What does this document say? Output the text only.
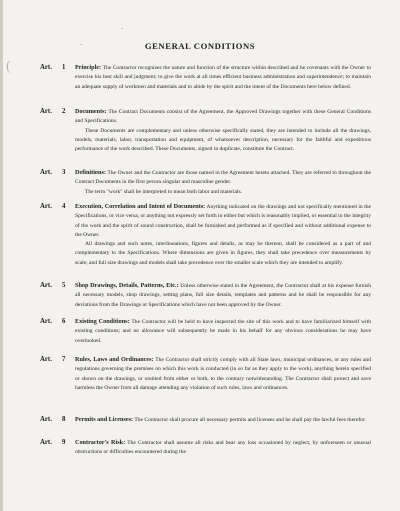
(
·
·	GENERAL CONDITIONS
Art.	1 Principle: The Contractor recognizes the nature and function of the structure within described and he covenants with the Owner to exercise his best skill and judgment; to give the work at all times efficient business administration and superintendence; to maintain an adequate supply of workmen and materials and to abide by the spirit and the intent of the Documents here below defined.

Art.	2 Documents: The Contract Documents consist of the Agreement, the Approved Drawings together with these General Conditions and Specifications.

These Documents are complementary and unless otherwise specifically stated, they are intended to include all the drawings, models, materials, labor, transportation and equipment, of whatsoever description, necessary for the faithful and expeditious performance of the work described. These Documents, signed in duplicate, constitute the Contract.

Art.	3 Definitions: The Owner and the Contractor are those named in the Agreement hereto attached. They are referred to throughout the Contract Documents in the first person singular and masculine gender.

The term "work" shall be interpreted to mean both labor and materials.

Art.	4 Execution, Correlation and Intent of Documents: Anything indicated on the drawings and not specifically mentioned in the Specifications, or vice versa, or anything not expressly set forth in either but which is reasonably implied, or essential to the integrity of the work and the spirit of sound construction, shall be furnished and performed as if specified and without additional expense to the Owner.

All drawings and such notes, interlineations, figures and details, as may be thereon, shall be considered as a part of and complementary to the Specifications. Where dimensions are given in figures, they shall take precedence over measurements by scale; and full size drawings and models shall take precedence over the smaller scale which they are intended to amplify.

Art.	5 Shop Drawings, Details, Patterns, Etc.: Unless otherwise stated in the Agreement, the Contractor shall at his expense furnish all necessary models, shop drawings, setting plans, full size details, templates and patterns and he shall be responsible for any deviations from the Drawings or Specifications which have not been approved by the Owner.

Art.	6 Existing Conditions: The Contractor will be held to have inspected the site of this work and to have familiarized himself with existing conditions; and no allowance will subsequently be made in his behalf for any obvious considerations he may have overlooked.

Art.	7 Rules, Laws and Ordinances: The Contractor shall strictly comply with all State laws, municipal ordinances, or any rules and regulations governing the premises on which this work is conducted (in so far as they apply to the work), anything herein specified or shown on the drawings, or omitted from either or both, to the contrary notwithstanding. The Contractor shall protect and save harmless the Owner from all damage attending any violation of such rules, laws and ordinances.

Art.	8 Permits and Licenses: The Contractor shall procure all necessary permits and licenses and he shall pay the lawful fees therefor.

Art.	9 Contractor's Risk: The Contractor shall assume all risks and bear any loss occasioned by neglect, by unforeseen or unusual obstructions or difficulties encountered during the
